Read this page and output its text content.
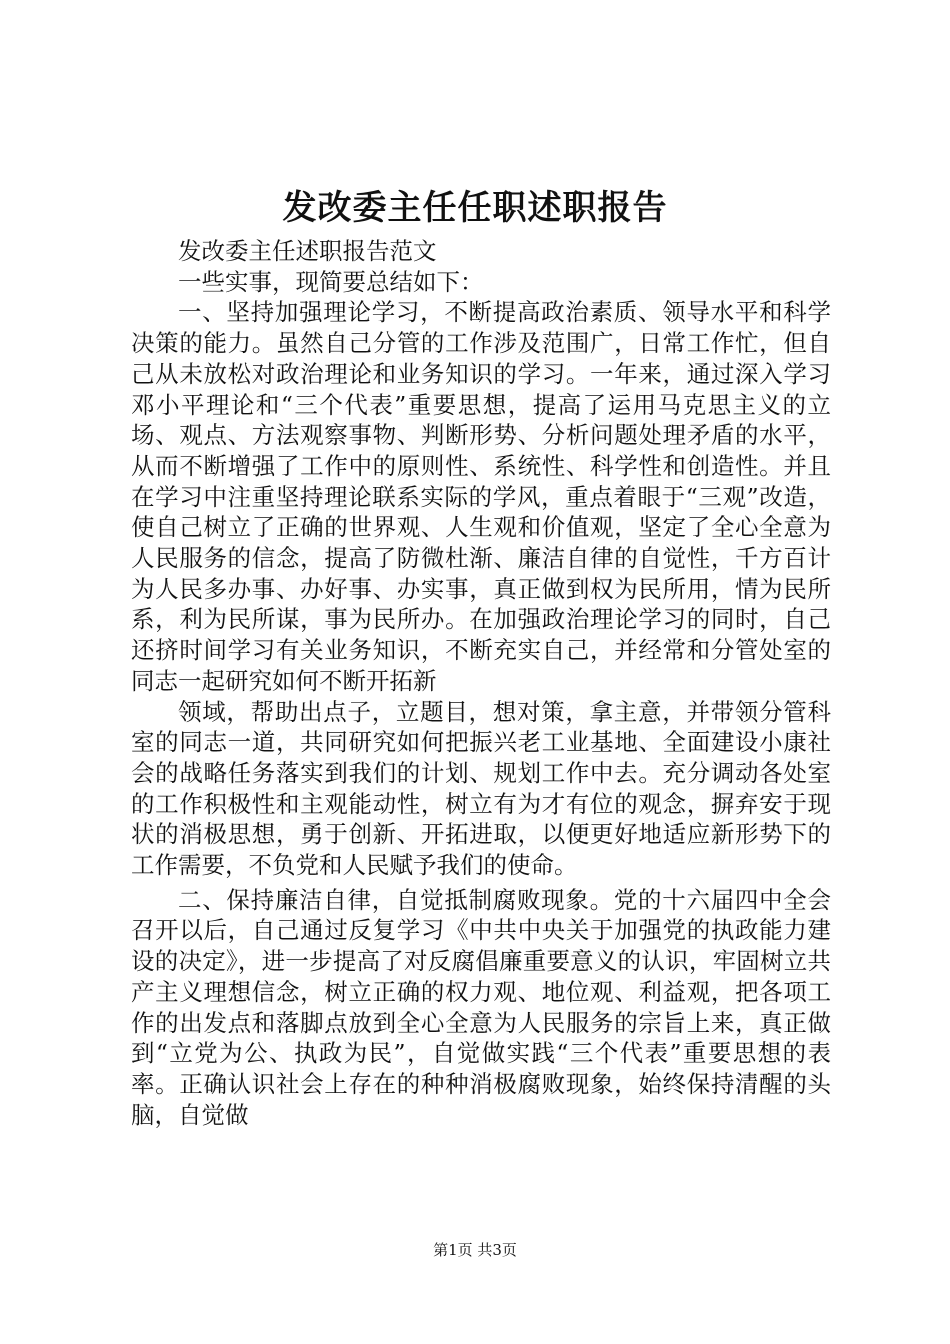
发改委主任任职述职报告

发改委主任述职报告范文

一些实事，现简要总结如下：

一、坚持加强理论学习，不断提高政治素质、领导水平和科学决策的能力。虽然自己分管的工作涉及范围广，日常工作忙，但自己从未放松对政治理论和业务知识的学习。一年来，通过深入学习邓小平理论和“三个代表”重要思想，提高了运用马克思主义的立场、观点、方法观察事物、判断形势、分析问题处理矛盾的水平，从而不断增强了工作中的原则性、系统性、科学性和创造性。并且在学习中注重坚持理论联系实际的学风，重点着眼于“三观”改造，使自己树立了正确的世界观、人生观和价值观，坚定了全心全意为人民服务的信念，提高了防微杜渐、廉洁自律的自觉性，千方百计为人民多办事、办好事、办实事，真正做到权为民所用，情为民所系，利为民所谋，事为民所办。在加强政治理论学习的同时，自己还挤时间学习有关业务知识，不断充实自己，并经常和分管处室的同志一起研究如何不断开拓新

领域，帮助出点子，立题目，想对策，拿主意，并带领分管科室的同志一道，共同研究如何把振兴老工业基地、全面建设小康社会的战略任务落实到我们的计划、规划工作中去。充分调动各处室的工作积极性和主观能动性，树立有为才有位的观念，摒弃安于现状的消极思想，勇于创新、开拓进取，以便更好地适应新形势下的工作需要，不负党和人民赋予我们的使命。

二、保持廉洁自律，自觉抵制腐败现象。党的十六届四中全会召开以后，自己通过反复学习《中共中央关于加强党的执政能力建设的决定》，进一步提高了对反腐倡廉重要意义的认识，牢固树立共产主义理想信念，树立正确的权力观、地位观、利益观，把各项工作的出发点和落脚点放到全心全意为人民服务的宗旨上来，真正做到“立党为公、执政为民”，自觉做实践“三个代表”重要思想的表率。正确认识社会上存在的种种消极腐败现象，始终保持清醒的头脑，自觉做

第1页 共3页
